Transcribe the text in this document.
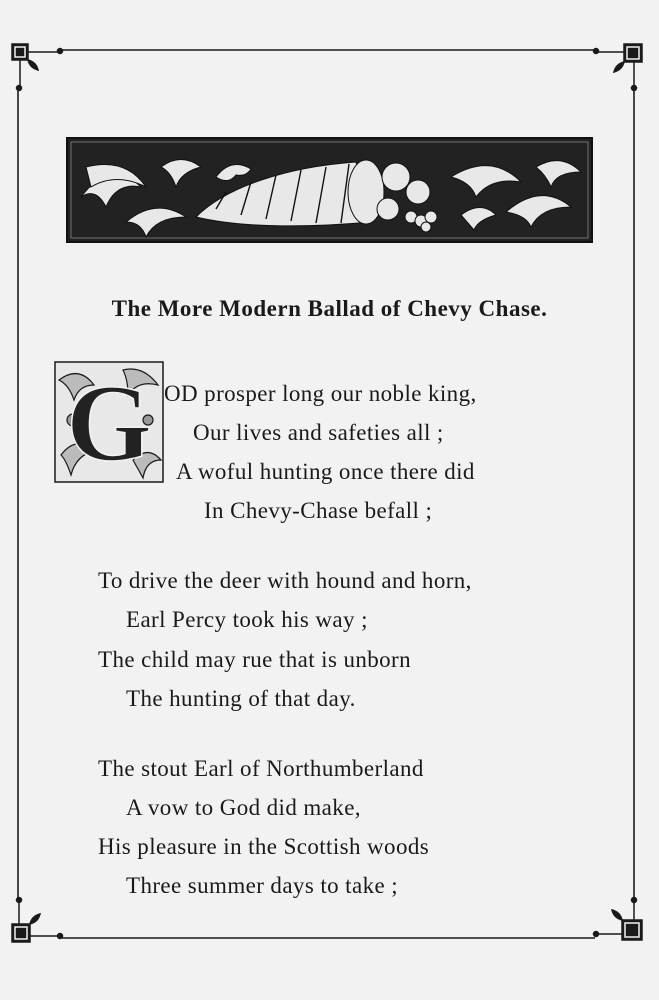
The More Modern Ballad of Chevy Chase.
G OD prosper long our noble king,
Our lives and safeties all ;
A woful hunting once there did
In Chevy-Chase befall ;
To drive the deer with hound and horn,
Earl Percy took his way ;
The child may rue that is unborn
The hunting of that day.
The stout Earl of Northumberland
A vow to God did make,
His pleasure in the Scottish woods
Three summer days to take ;
